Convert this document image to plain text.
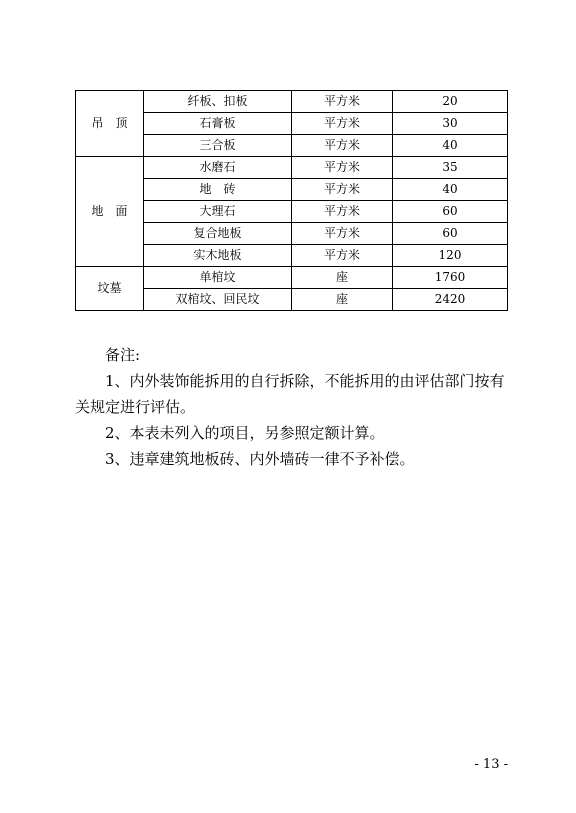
吊　顶	纤板、扣板	平方米	20
	石膏板	平方米	30
	三合板	平方米	40
地　面	水磨石	平方米	35
	地　砖	平方米	40
	大理石	平方米	60
	复合地板	平方米	60
	实木地板	平方米	120
坟墓	单棺坟	座	1760
	双棺坟、回民坟	座	2420

备注:

1、内外装饰能拆用的自行拆除，不能拆用的由评估部门按有关规定进行评估。

2、本表未列入的项目，另参照定额计算。

3、违章建筑地板砖、内外墙砖一律不予补偿。

- 13 -
